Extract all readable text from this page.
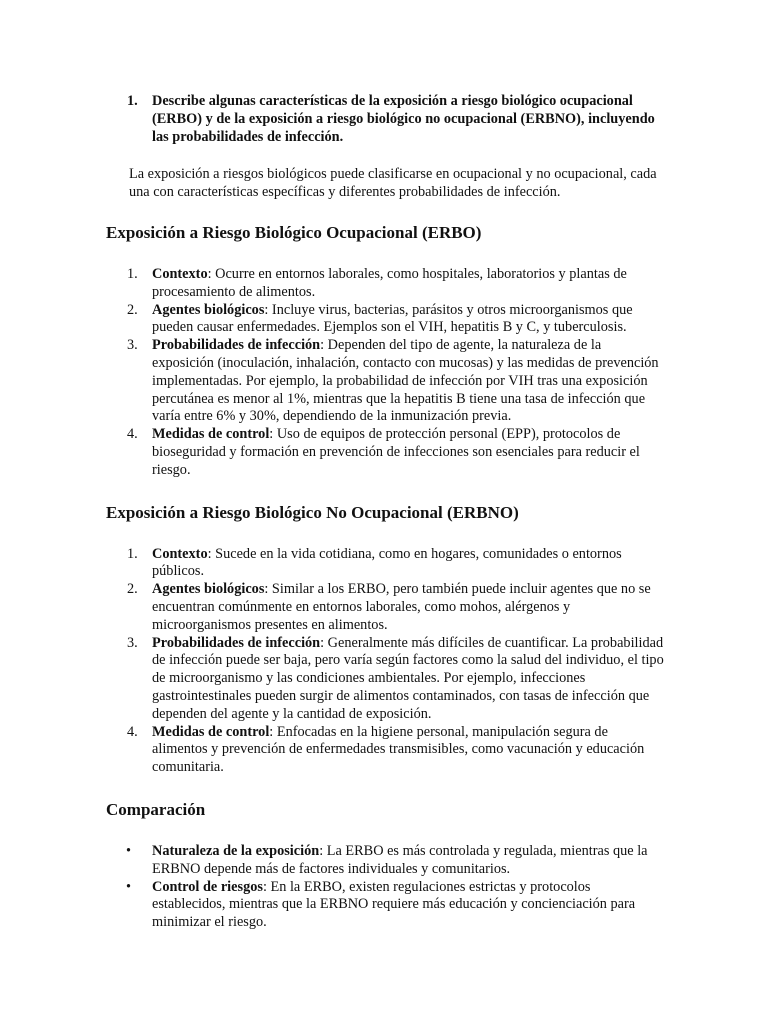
1. Describe algunas características de la exposición a riesgo biológico ocupacional (ERBO) y de la exposición a riesgo biológico no ocupacional (ERBNO), incluyendo las probabilidades de infección.

La exposición a riesgos biológicos puede clasificarse en ocupacional y no ocupacional, cada una con características específicas y diferentes probabilidades de infección.

Exposición a Riesgo Biológico Ocupacional (ERBO)
1. Contexto: Ocurre en entornos laborales, como hospitales, laboratorios y plantas de procesamiento de alimentos.
2. Agentes biológicos: Incluye virus, bacterias, parásitos y otros microorganismos que pueden causar enfermedades. Ejemplos son el VIH, hepatitis B y C, y tuberculosis.
3. Probabilidades de infección: Dependen del tipo de agente, la naturaleza de la exposición (inoculación, inhalación, contacto con mucosas) y las medidas de prevención implementadas. Por ejemplo, la probabilidad de infección por VIH tras una exposición percutánea es menor al 1%, mientras que la hepatitis B tiene una tasa de infección que varía entre 6% y 30%, dependiendo de la inmunización previa.
4. Medidas de control: Uso de equipos de protección personal (EPP), protocolos de bioseguridad y formación en prevención de infecciones son esenciales para reducir el riesgo.
Exposición a Riesgo Biológico No Ocupacional (ERBNO)
1. Contexto: Sucede en la vida cotidiana, como en hogares, comunidades o entornos públicos.
2. Agentes biológicos: Similar a los ERBO, pero también puede incluir agentes que no se encuentran comúnmente en entornos laborales, como mohos, alérgenos y microorganismos presentes en alimentos.
3. Probabilidades de infección: Generalmente más difíciles de cuantificar. La probabilidad de infección puede ser baja, pero varía según factores como la salud del individuo, el tipo de microorganismo y las condiciones ambientales. Por ejemplo, infecciones gastrointestinales pueden surgir de alimentos contaminados, con tasas de infección que dependen del agente y la cantidad de exposición.
4. Medidas de control: Enfocadas en la higiene personal, manipulación segura de alimentos y prevención de enfermedades transmisibles, como vacunación y educación comunitaria.
Comparación
• Naturaleza de la exposición: La ERBO es más controlada y regulada, mientras que la ERBNO depende más de factores individuales y comunitarios.
• Control de riesgos: En la ERBO, existen regulaciones estrictas y protocolos establecidos, mientras que la ERBNO requiere más educación y concienciación para minimizar el riesgo.
